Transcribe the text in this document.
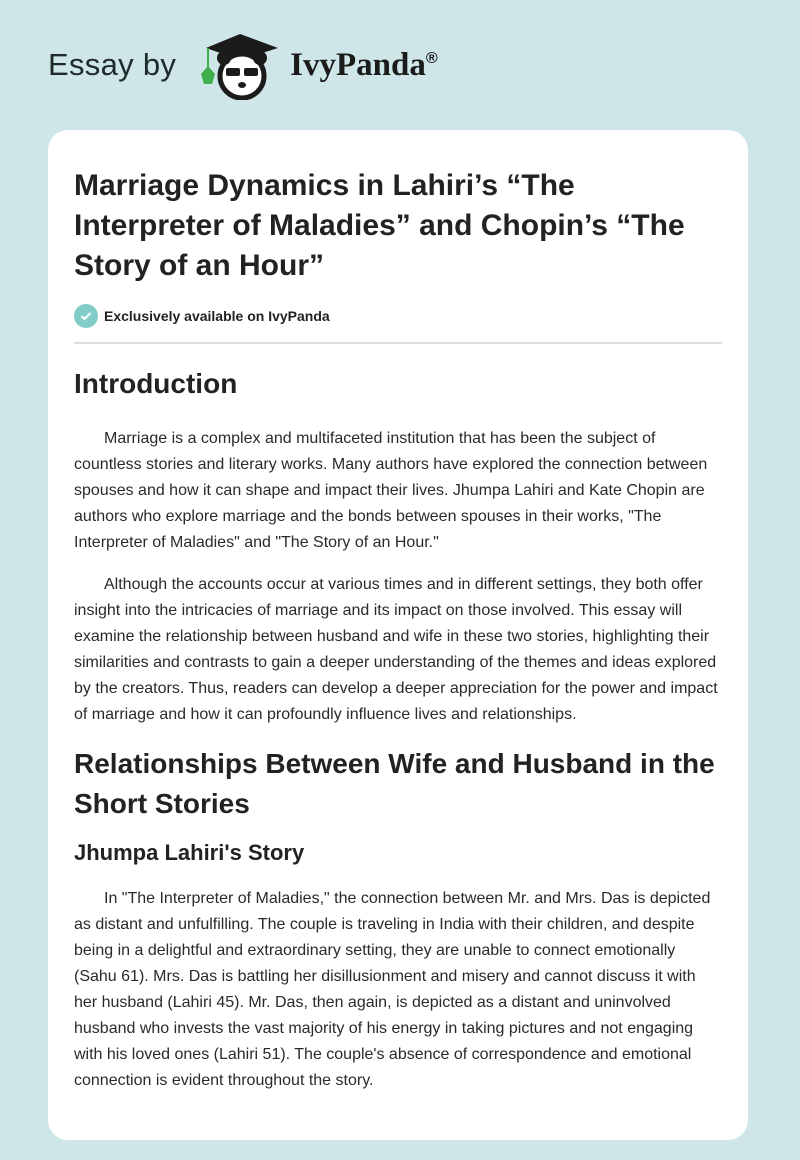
Essay by	IvyPanda®
Marriage Dynamics in Lahiri’s “The Interpreter of Maladies” and Chopin’s “The Story of an Hour”
Exclusively available on IvyPanda
Introduction

Marriage is a complex and multifaceted institution that has been the subject of countless stories and literary works. Many authors have explored the connection between spouses and how it can shape and impact their lives. Jhumpa Lahiri and Kate Chopin are authors who explore marriage and the bonds between spouses in their works, "The Interpreter of Maladies" and "The Story of an Hour."

Although the accounts occur at various times and in different settings, they both offer insight into the intricacies of marriage and its impact on those involved. This essay will examine the relationship between husband and wife in these two stories, highlighting their similarities and contrasts to gain a deeper understanding of the themes and ideas explored by the creators. Thus, readers can develop a deeper appreciation for the power and impact of marriage and how it can profoundly influence lives and relationships.

Relationships Between Wife and Husband in the Short Stories
Jhumpa Lahiri's Story

In "The Interpreter of Maladies," the connection between Mr. and Mrs. Das is depicted as distant and unfulfilling. The couple is traveling in India with their children, and despite being in a delightful and extraordinary setting, they are unable to connect emotionally (Sahu 61). Mrs. Das is battling her disillusionment and misery and cannot discuss it with her husband (Lahiri 45). Mr. Das, then again, is depicted as a distant and uninvolved husband who invests the vast majority of his energy in taking pictures and not engaging with his loved ones (Lahiri 51). The couple's absence of correspondence and emotional connection is evident throughout the story.
